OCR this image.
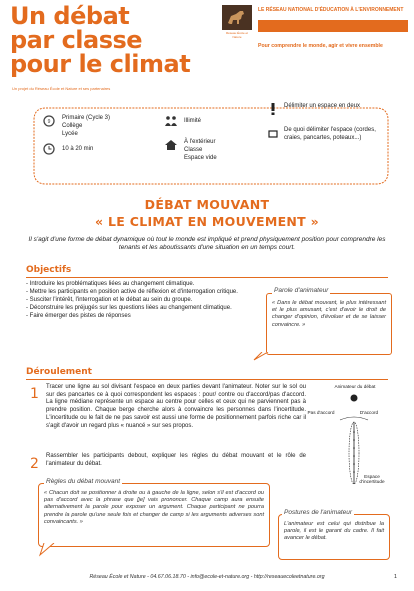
Un débat
par classe
pour le climat
Un projet du Réseau École et Nature et ses partenaires
Réseau École et Nature
LE RÉSEAU NATIONAL D'ÉDUCATION À L'ENVIRONNEMENT
Pour comprendre le monde, agir et vivre ensemble
9
Primaire (Cycle 3)
Collège
Lycée
10 à 20 min
Illimité
À l'extérieur
Classe
Espace vide
Délimiter un espace en deux
De quoi délimiter l'espace (cordes, craies, pancartes, poteaux...)
DÉBAT MOUVANT
« LE CLIMAT EN MOUVEMENT »
Il s'agit d'une forme de débat dynamique où tout le monde est impliqué et prend physiquement position pour comprendre les tenants et les aboutissants d'une situation en un temps court.
Objectifs
- Introduire les problématiques liées au changement climatique.
- Mettre les participants en position active de réflexion et d'interrogation critique.
- Susciter l'intérêt, l'interrogation et le débat au sein du groupe.
- Déconstruire les préjugés sur les questions liées au changement climatique.
- Faire émerger des pistes de réponses
Parole d'animateur
« Dans le débat mouvant, le plus intéressant et le plus amusant, c'est d'avoir le droit de changer d'opinion, d'évoluer et de se laisser convaincre. »
Déroulement
1 Tracer une ligne au sol divisant l'espace en deux parties devant l'animateur. Noter sur le sol ou sur des pancartes ce à quoi correspondent les espaces : pour/ contre ou d'accord/pas d'accord. La ligne médiane représente un espace au centre pour celles et ceux qui ne parviennent pas à prendre position. Chaque berge cherche alors à convaincre les personnes dans l'incertitude. L'incertitude ou le fait de ne pas savoir est aussi une forme de positionnement parfois riche car il s'agit d'avoir un regard plus « nuancé » sur ses propos.
2 Rassembler les participants debout, expliquer les règles du débat mouvant et le rôle de l'animateur du débat.
Animateur du débat
Pas d'accord	D'accord
Espace d'incertitude
Règles du débat mouvant
« Chacun doit se positionner à droite ou à gauche de la ligne, selon s'il est d'accord ou pas d'accord avec la phrase que [je] vais prononcer. Chaque camp aura ensuite alternativement la parole pour exposer un argument. Chaque participant ne pourra prendre la parole qu'une seule fois et changer de camp si les arguments adverses sont convaincants. »
Postures de l'animateur
L'animateur est celui qui distribue la parole, il est le garant du cadre. Il fait avancer le débat.
Réseau École et Nature - 04.67.06.18.70 - info@ecole-et-nature.org - http://reseauecoleetnature.org	1
